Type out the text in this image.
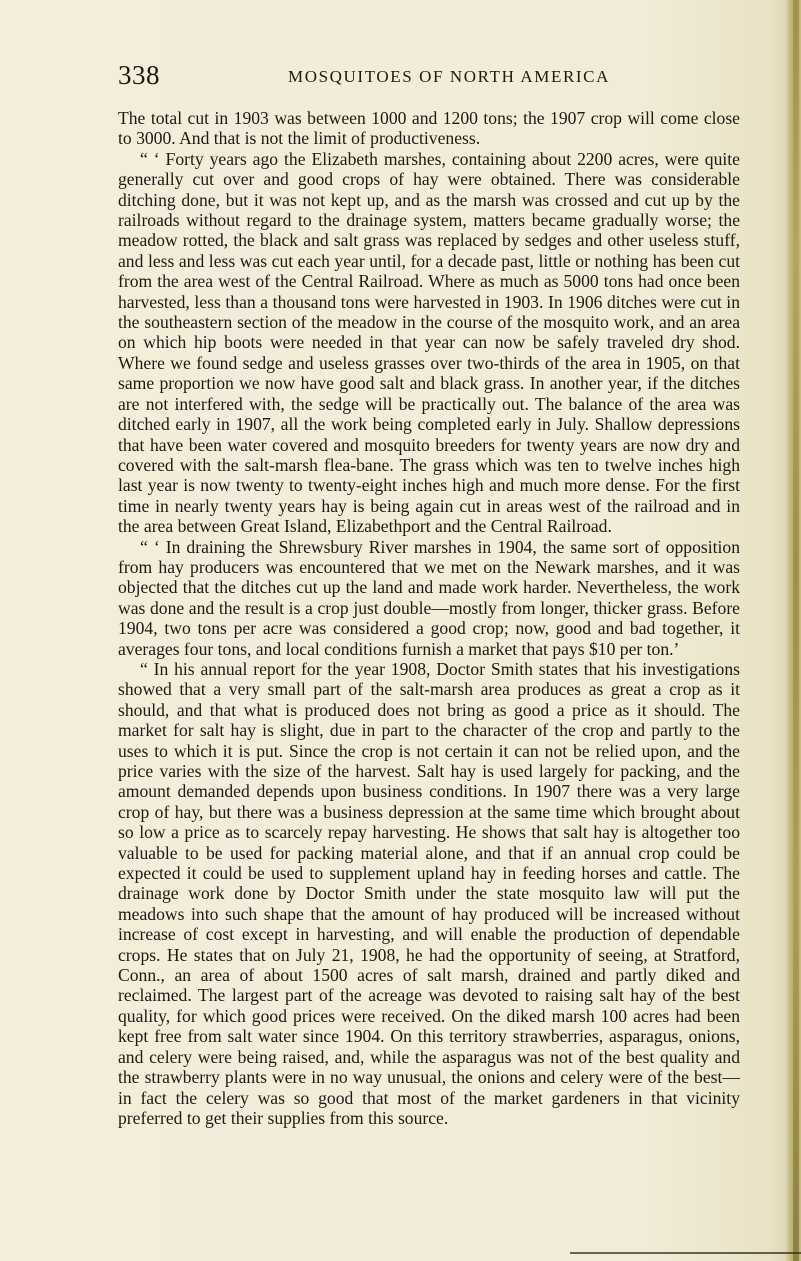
338	MOSQUITOES OF NORTH AMERICA

The total cut in 1903 was between 1000 and 1200 tons; the 1907 crop will come close to 3000. And that is not the limit of productiveness.

“ ‘ Forty years ago the Elizabeth marshes, containing about 2200 acres, were quite generally cut over and good crops of hay were obtained. There was considerable ditching done, but it was not kept up, and as the marsh was crossed and cut up by the railroads without regard to the drainage system, matters became gradually worse; the meadow rotted, the black and salt grass was replaced by sedges and other useless stuff, and less and less was cut each year until, for a decade past, little or nothing has been cut from the area west of the Central Railroad. Where as much as 5000 tons had once been harvested, less than a thousand tons were harvested in 1903. In 1906 ditches were cut in the southeastern section of the meadow in the course of the mosquito work, and an area on which hip boots were needed in that year can now be safely traveled dry shod. Where we found sedge and useless grasses over two-thirds of the area in 1905, on that same proportion we now have good salt and black grass. In another year, if the ditches are not interfered with, the sedge will be practically out. The balance of the area was ditched early in 1907, all the work being completed early in July. Shallow depressions that have been water covered and mosquito breeders for twenty years are now dry and covered with the salt-marsh flea-bane. The grass which was ten to twelve inches high last year is now twenty to twenty-eight inches high and much more dense. For the first time in nearly twenty years hay is being again cut in areas west of the railroad and in the area between Great Island, Elizabethport and the Central Railroad.

“ ‘ In draining the Shrewsbury River marshes in 1904, the same sort of opposition from hay producers was encountered that we met on the Newark marshes, and it was objected that the ditches cut up the land and made work harder. Nevertheless, the work was done and the result is a crop just double—mostly from longer, thicker grass. Before 1904, two tons per acre was considered a good crop; now, good and bad together, it averages four tons, and local conditions furnish a market that pays $10 per ton.’

“ In his annual report for the year 1908, Doctor Smith states that his investigations showed that a very small part of the salt-marsh area produces as great a crop as it should, and that what is produced does not bring as good a price as it should. The market for salt hay is slight, due in part to the character of the crop and partly to the uses to which it is put. Since the crop is not certain it can not be relied upon, and the price varies with the size of the harvest. Salt hay is used largely for packing, and the amount demanded depends upon business conditions. In 1907 there was a very large crop of hay, but there was a business depression at the same time which brought about so low a price as to scarcely repay harvesting. He shows that salt hay is altogether too valuable to be used for packing material alone, and that if an annual crop could be expected it could be used to supplement upland hay in feeding horses and cattle. The drainage work done by Doctor Smith under the state mosquito law will put the meadows into such shape that the amount of hay produced will be increased without increase of cost except in harvesting, and will enable the production of dependable crops. He states that on July 21, 1908, he had the opportunity of seeing, at Stratford, Conn., an area of about 1500 acres of salt marsh, drained and partly diked and reclaimed. The largest part of the acreage was devoted to raising salt hay of the best quality, for which good prices were received. On the diked marsh 100 acres had been kept free from salt water since 1904. On this territory strawberries, asparagus, onions, and celery were being raised, and, while the asparagus was not of the best quality and the strawberry plants were in no way unusual, the onions and celery were of the best—in fact the celery was so good that most of the market gardeners in that vicinity preferred to get their supplies from this source.
